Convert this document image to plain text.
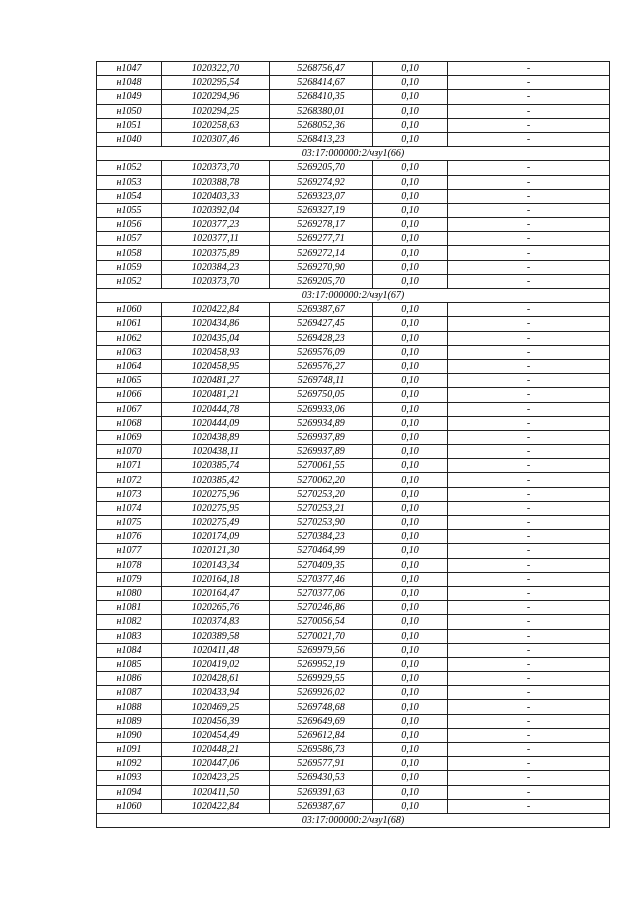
н1047	1020322,70	5268756,47	0,10	-
н1048	1020295,54	5268414,67	0,10	-
н1049	1020294,96	5268410,35	0,10	-
н1050	1020294,25	5268380,01	0,10	-
н1051	1020258,63	5268052,36	0,10	-
н1040	1020307,46	5268413,23	0,10	-
03:17:000000:2/чзу1(66)				
н1052	1020373,70	5269205,70	0,10	-
н1053	1020388,78	5269274,92	0,10	-
н1054	1020403,33	5269323,07	0,10	-
н1055	1020392,04	5269327,19	0,10	-
н1056	1020377,23	5269278,17	0,10	-
н1057	1020377,11	5269277,71	0,10	-
н1058	1020375,89	5269272,14	0,10	-
н1059	1020384,23	5269270,90	0,10	-
н1052	1020373,70	5269205,70	0,10	-
03:17:000000:2/чзу1(67)				
н1060	1020422,84	5269387,67	0,10	-
н1061	1020434,86	5269427,45	0,10	-
н1062	1020435,04	5269428,23	0,10	-
н1063	1020458,93	5269576,09	0,10	-
н1064	1020458,95	5269576,27	0,10	-
н1065	1020481,27	5269748,11	0,10	-
н1066	1020481,21	5269750,05	0,10	-
н1067	1020444,78	5269933,06	0,10	-
н1068	1020444,09	5269934,89	0,10	-
н1069	1020438,89	5269937,89	0,10	-
н1070	1020438,11	5269937,89	0,10	-
н1071	1020385,74	5270061,55	0,10	-
н1072	1020385,42	5270062,20	0,10	-
н1073	1020275,96	5270253,20	0,10	-
н1074	1020275,95	5270253,21	0,10	-
н1075	1020275,49	5270253,90	0,10	-
н1076	1020174,09	5270384,23	0,10	-
н1077	1020121,30	5270464,99	0,10	-
н1078	1020143,34	5270409,35	0,10	-
н1079	1020164,18	5270377,46	0,10	-
н1080	1020164,47	5270377,06	0,10	-
н1081	1020265,76	5270246,86	0,10	-
н1082	1020374,83	5270056,54	0,10	-
н1083	1020389,58	5270021,70	0,10	-
н1084	1020411,48	5269979,56	0,10	-
н1085	1020419,02	5269952,19	0,10	-
н1086	1020428,61	5269929,55	0,10	-
н1087	1020433,94	5269926,02	0,10	-
н1088	1020469,25	5269748,68	0,10	-
н1089	1020456,39	5269649,69	0,10	-
н1090	1020454,49	5269612,84	0,10	-
н1091	1020448,21	5269586,73	0,10	-
н1092	1020447,06	5269577,91	0,10	-
н1093	1020423,25	5269430,53	0,10	-
н1094	1020411,50	5269391,63	0,10	-
н1060	1020422,84	5269387,67	0,10	-
03:17:000000:2/чзу1(68)				
